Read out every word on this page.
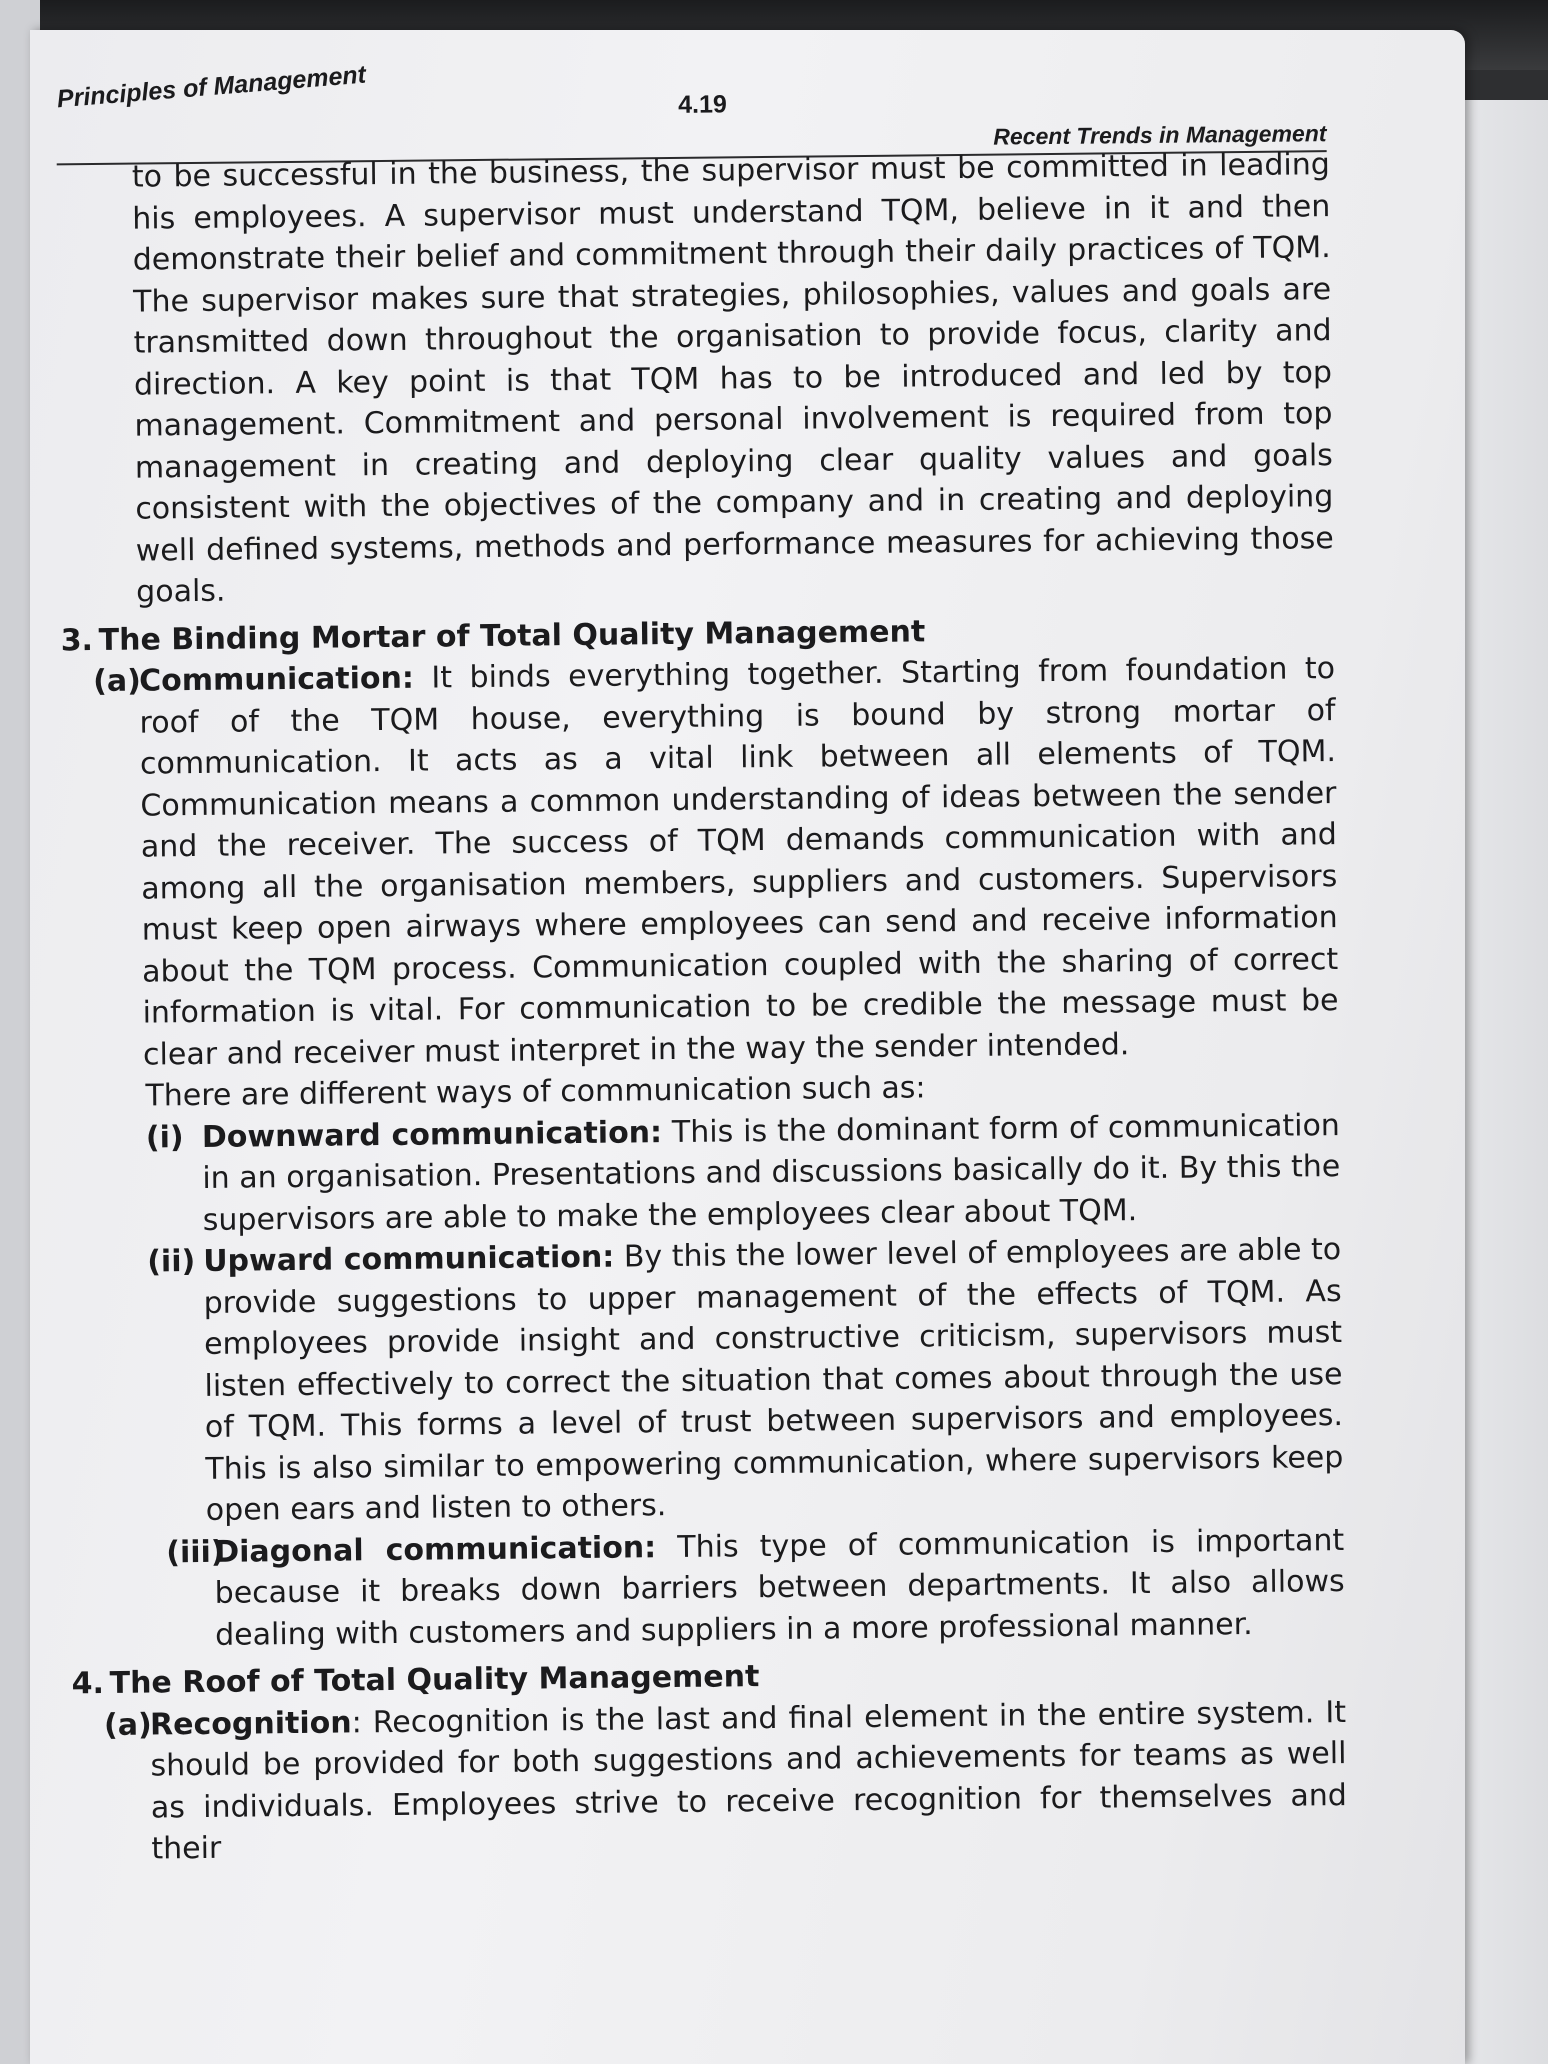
Principles of Management	4.19
Recent Trends in Management

to be successful in the business, the supervisor must be committed in leading his employees. A supervisor must understand TQM, believe in it and then demonstrate their belief and commitment through their daily practices of TQM. The supervisor makes sure that strategies, philosophies, values and goals are transmitted down throughout the organisation to provide focus, clarity and direction. A key point is that TQM has to be introduced and led by top management. Commitment and personal involvement is required from top management in creating and deploying clear quality values and goals consistent with the objectives of the company and in creating and deploying well defined systems, methods and performance measures for achieving those goals.

3. The Binding Mortar of Total Quality Management

(a)
Communication: It binds everything together. Starting from foundation to roof of the TQM house, everything is bound by strong mortar of communication. It acts as a vital link between all elements of TQM. Communication means a common understanding of ideas between the sender and the receiver. The success of TQM demands communication with and among all the organisation members, suppliers and customers. Supervisors must keep open airways where employees can send and receive information about the TQM process. Communication coupled with the sharing of correct information is vital. For communication to be credible the message must be clear and receiver must interpret in the way the sender intended.

There are different ways of communication such as:

(i) Downward communication: This is the dominant form of communication in an organisation. Presentations and discussions basically do it. By this the supervisors are able to make the employees clear about TQM.

(ii) Upward communication: By this the lower level of employees are able to provide suggestions to upper management of the effects of TQM. As employees provide insight and constructive criticism, supervisors must listen effectively to correct the situation that comes about through the use of TQM. This forms a level of trust between supervisors and employees. This is also similar to empowering communication, where supervisors keep open ears and listen to others.

(iii)
Diagonal communication: This type of communication is important because it breaks down barriers between departments. It also allows dealing with customers and suppliers in a more professional manner.

4. The Roof of Total Quality Management

(a)
Recognition: Recognition is the last and final element in the entire system. It should be provided for both suggestions and achievements for teams as well as individuals. Employees strive to receive recognition for themselves and their
